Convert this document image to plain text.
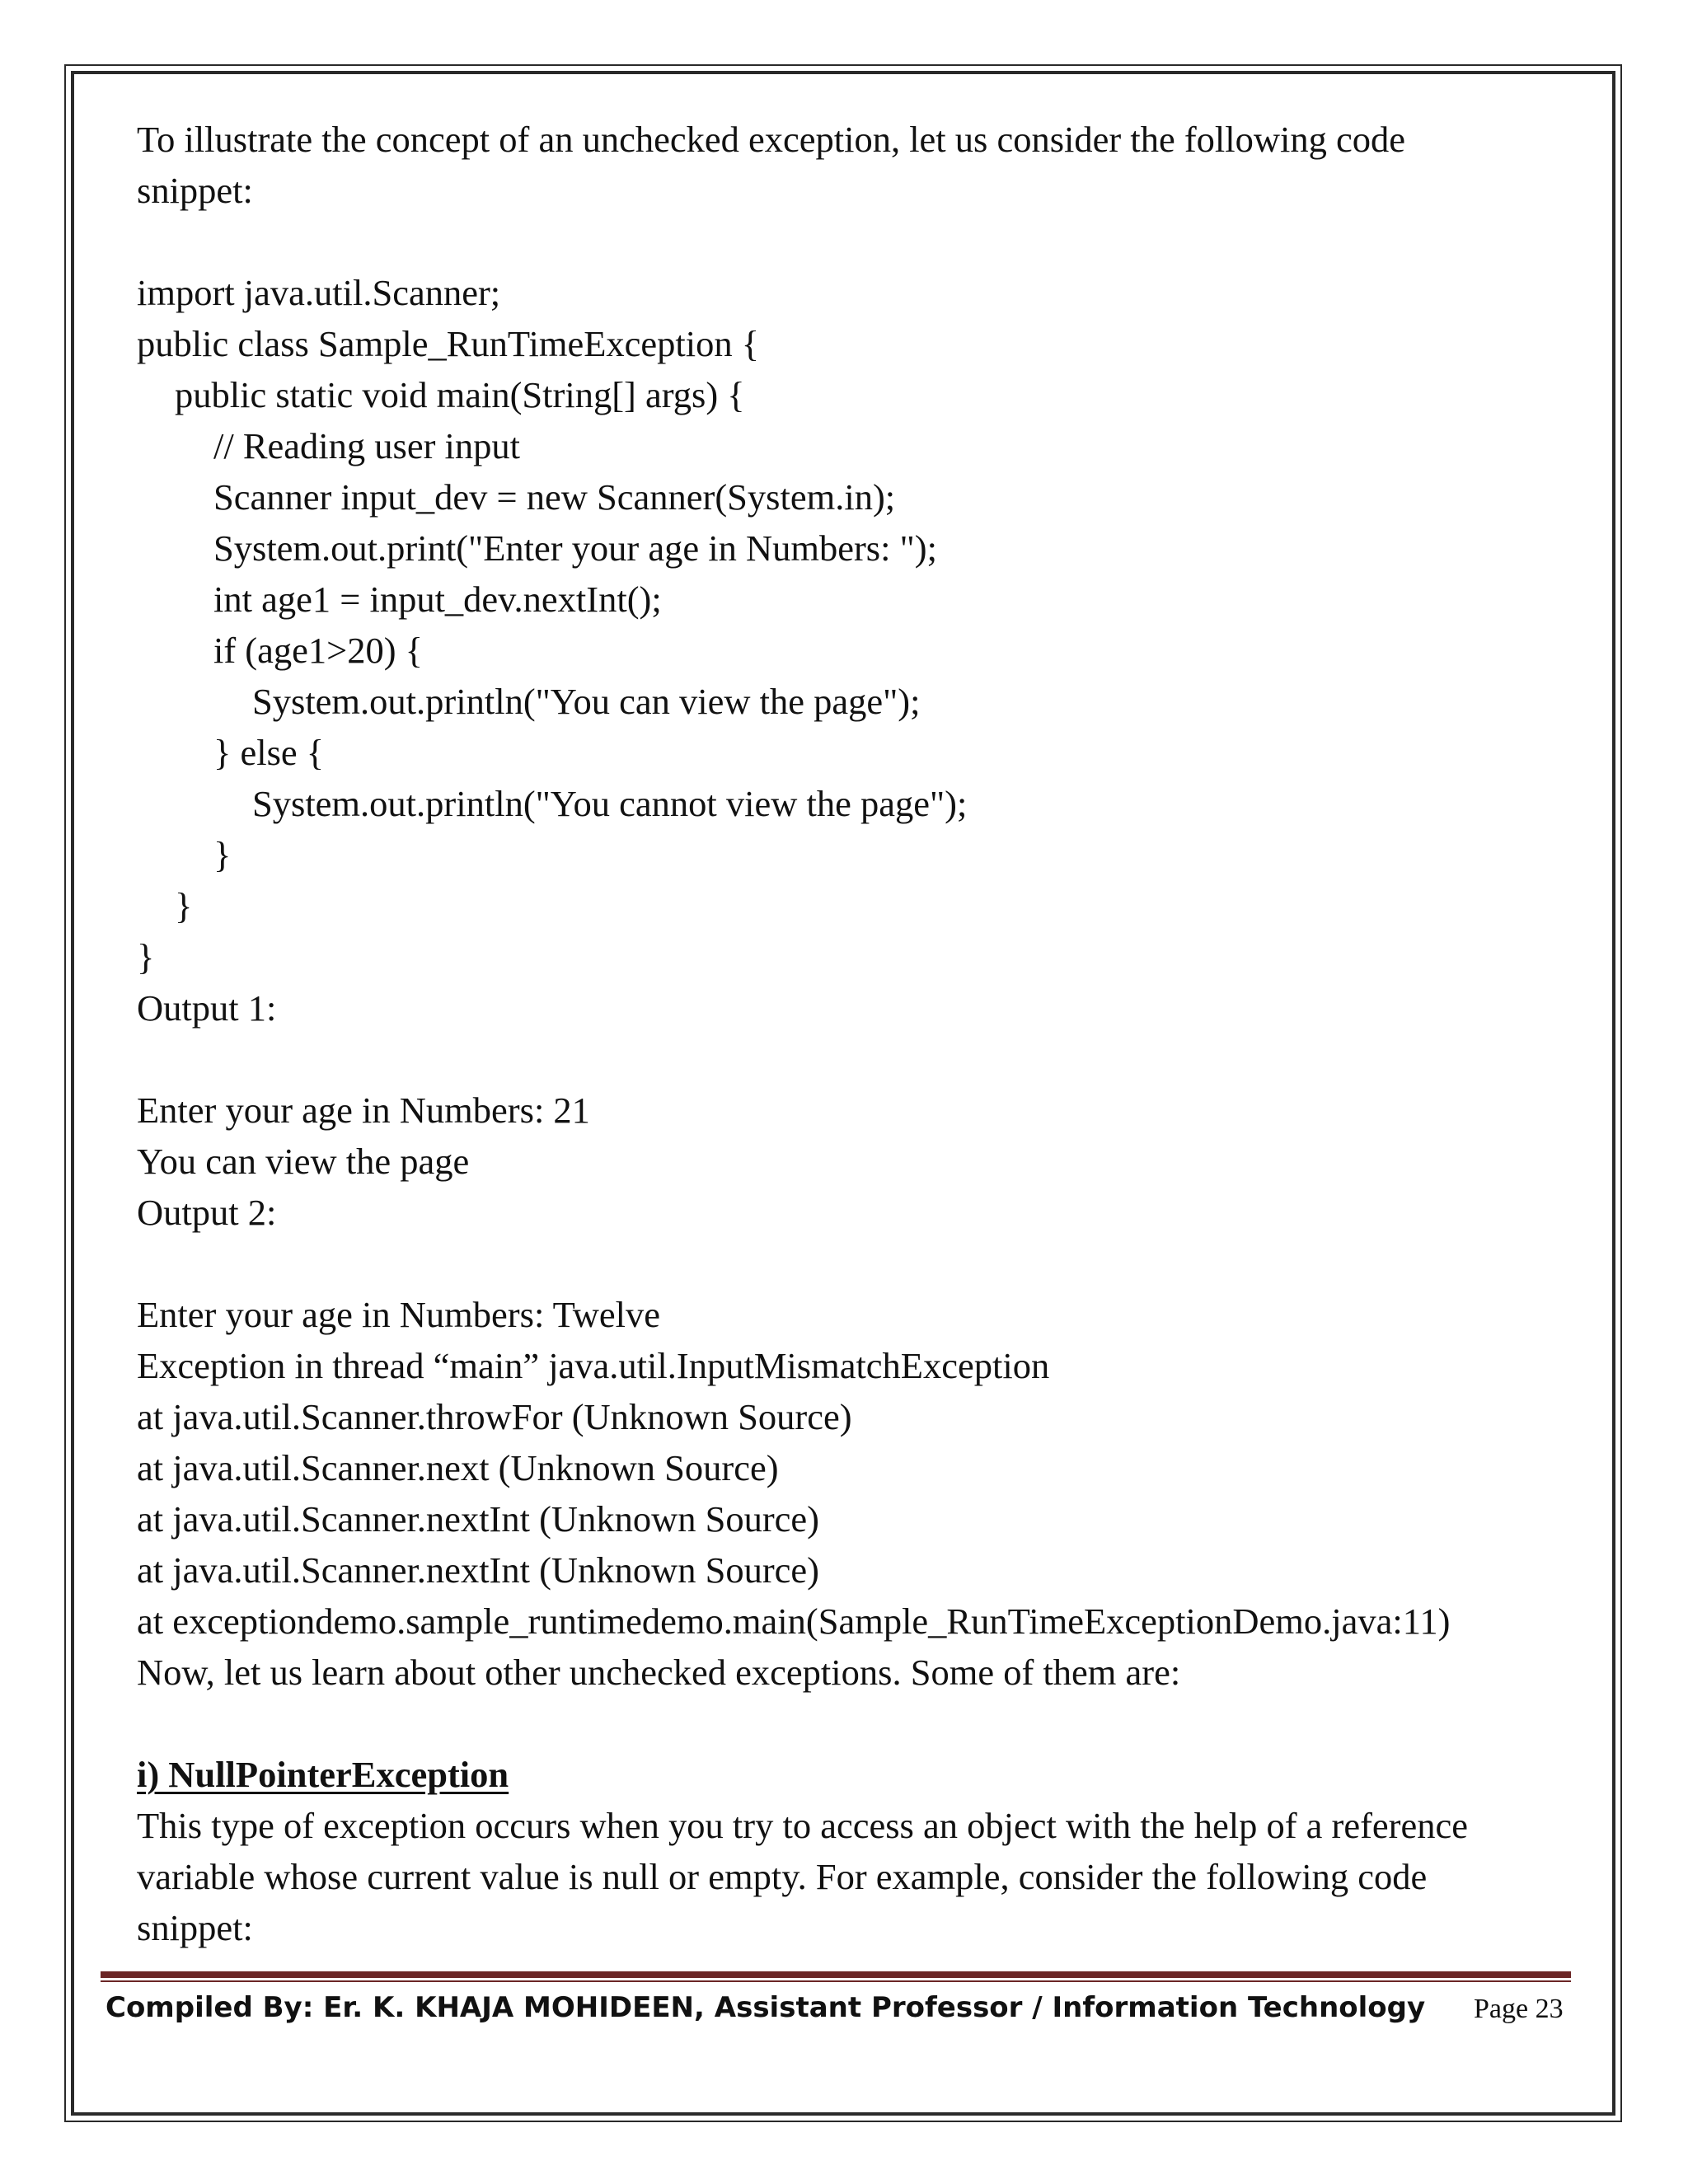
To illustrate the concept of an unchecked exception, let us consider the following code
snippet:
import java.util.Scanner;
public class Sample_RunTimeException {
public static void main(String[] args) {
// Reading user input
Scanner input_dev = new Scanner(System.in);
System.out.print("Enter your age in Numbers: ");
int age1 = input_dev.nextInt();
if (age1>20) {
System.out.println("You can view the page");
} else {
System.out.println("You cannot view the page");
}
}
}
Output 1:
Enter your age in Numbers: 21
You can view the page
Output 2:
Enter your age in Numbers: Twelve
Exception in thread “main” java.util.InputMismatchException
at java.util.Scanner.throwFor (Unknown Source)
at java.util.Scanner.next (Unknown Source)
at java.util.Scanner.nextInt (Unknown Source)
at java.util.Scanner.nextInt (Unknown Source)
at exceptiondemo.sample_runtimedemo.main(Sample_RunTimeExceptionDemo.java:11)
Now, let us learn about other unchecked exceptions. Some of them are:
i) NullPointerException
This type of exception occurs when you try to access an object with the help of a reference
variable whose current value is null or empty. For example, consider the following code
snippet:
Compiled By: Er. K. KHAJA MOHIDEEN, Assistant Professor / Information Technology Page 23
